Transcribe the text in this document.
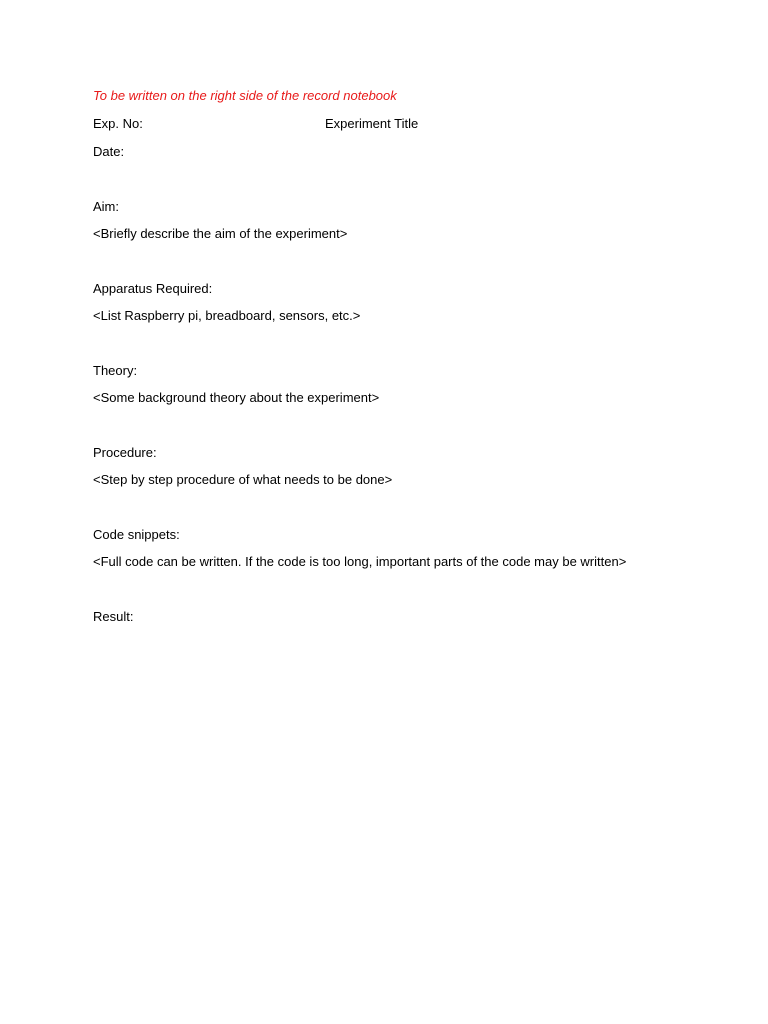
To be written on the right side of the record notebook
Exp. No:	Experiment Title
Date:
Aim:
<Briefly describe the aim of the experiment>
Apparatus Required:
<List Raspberry pi, breadboard, sensors, etc.>
Theory:
<Some background theory about the experiment>
Procedure:
<Step by step procedure of what needs to be done>
Code snippets:
<Full code can be written. If the code is too long, important parts of the code may be written>
Result:
